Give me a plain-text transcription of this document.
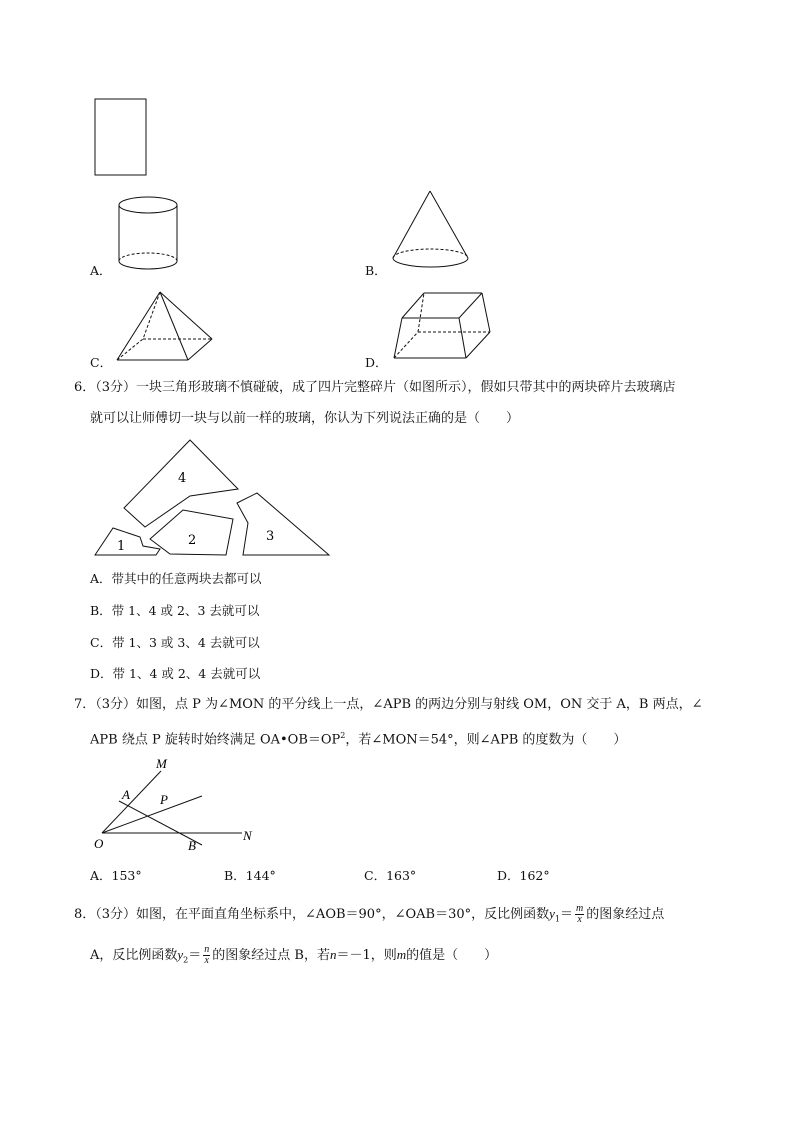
4
1	2	3
M
A P
O	B
N
A．	B．
C．	D．
6．（3分）一块三角形玻璃不慎碰破，成了四片完整碎片（如图所示），假如只带其中的两块碎片去玻璃店
就可以让师傅切一块与以前一样的玻璃，你认为下列说法正确的是（　　）
A．带其中的任意两块去都可以
B．带 1、4 或 2、3 去就可以
C．带 1、3 或 3、4 去就可以
D．带 1、4 或 2、4 去就可以
7．（3分）如图，点 P 为∠MON 的平分线上一点，∠APB 的两边分别与射线 OM，ON 交于 A，B 两点，∠
APB 绕点 P 旋转时始终满足 $OA•OB=OP^2$，若∠MON＝54°，则∠APB 的度数为（　　）
A．153°	B．144°	C．163°	D．162°
8．（3分）如图，在平面直角坐标系中，∠AOB＝90°，∠OAB＝30°，反比例函数$y_1= \frac{m}{x}$ 的图象经过点
A，反比例函数$y_2= \frac{n}{x}$ 的图象经过点 B，若n＝－1，则m的值是（　　）
